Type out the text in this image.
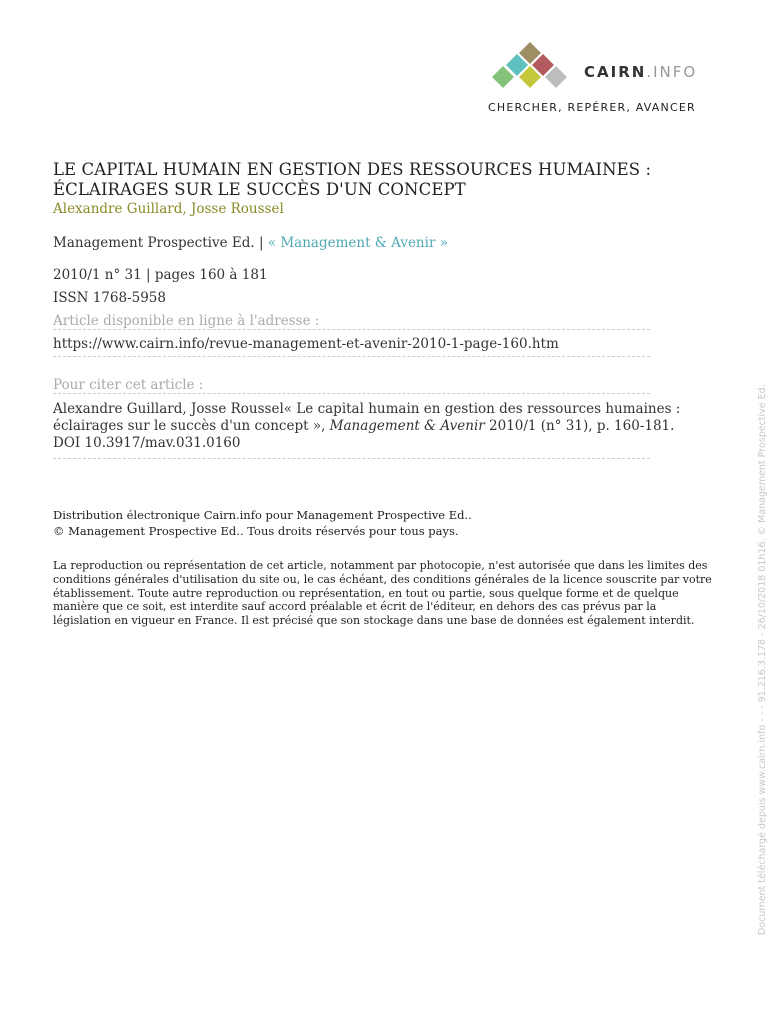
CAIRN.INFO
CHERCHER, REPÉRER, AVANCER
LE CAPITAL HUMAIN EN GESTION DES RESSOURCES HUMAINES :
ÉCLAIRAGES SUR LE SUCCÈS D'UN CONCEPT
Alexandre Guillard, Josse Roussel
Management Prospective Ed. | « Management & Avenir »
2010/1 n° 31 | pages 160 à 181
ISSN 1768-5958
Article disponible en ligne à l'adresse :
https://www.cairn.info/revue-management-et-avenir-2010-1-page-160.htm
Pour citer cet article :
Alexandre Guillard, Josse Roussel« Le capital humain en gestion des ressources humaines : éclairages sur le succès d'un concept », Management & Avenir 2010/1 (n° 31), p. 160-181.
DOI 10.3917/mav.031.0160
Distribution électronique Cairn.info pour Management Prospective Ed..
© Management Prospective Ed.. Tous droits réservés pour tous pays.
La reproduction ou représentation de cet article, notamment par photocopie, n'est autorisée que dans les limites des conditions générales d'utilisation du site ou, le cas échéant, des conditions générales de la licence souscrite par votre établissement. Toute autre reproduction ou représentation, en tout ou partie, sous quelque forme et de quelque manière que ce soit, est interdite sauf accord préalable et écrit de l'éditeur, en dehors des cas prévus par la législation en vigueur en France. Il est précisé que son stockage dans une base de données est également interdit.	Document téléchargé depuis www.cairn.info - - - 91.216.3.178 - 26/10/2018 01h16. © Management Prospective Ed.
